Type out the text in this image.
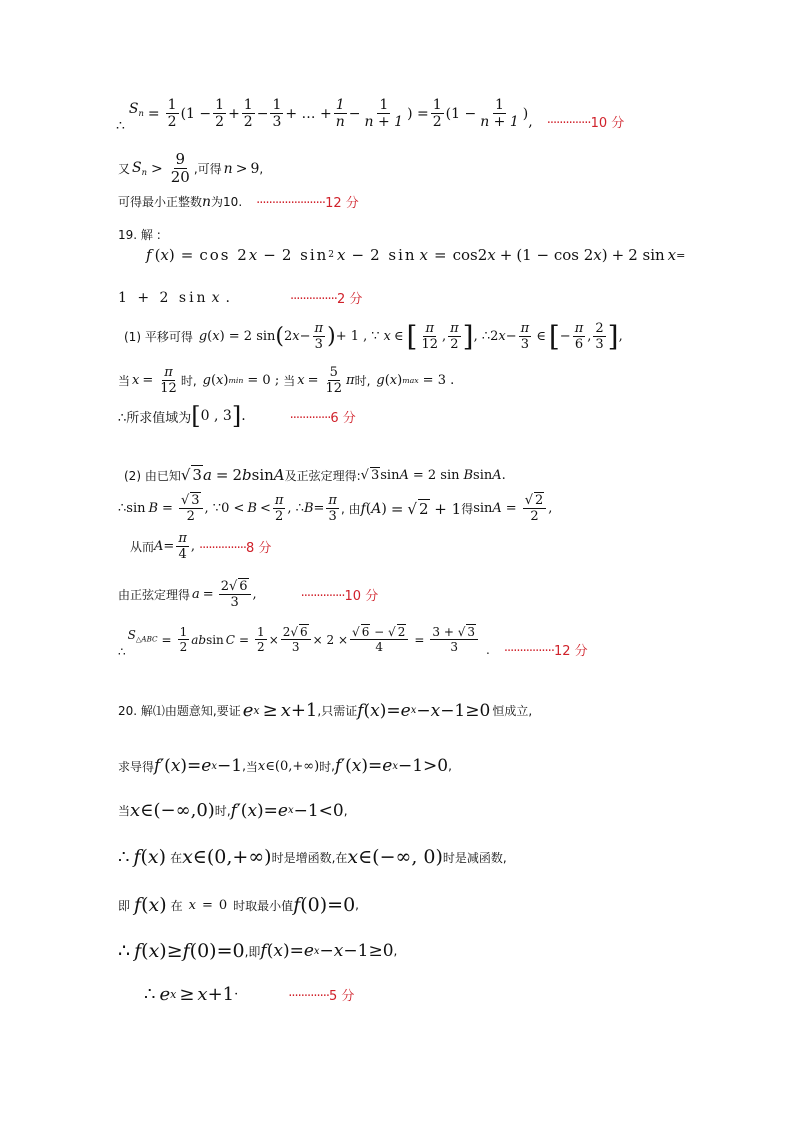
∴
$S_n = \frac{1}{2} (1 - \frac{1}{2} + \frac{1}{2} - \frac{1}{3}$ + … + $\frac{1}{n} - \frac{1}{n + 1}$ ) = $\frac{1}{2} (1 - \frac{1}{n + 1}$ ) , ··············10 分
又 $S_n > \frac{9}{20}$ ,可得 n > 9 ,
可得最小正整数 n 为10 . ······················12 分
19. 解 :
f ( x ) = cos 2 x − 2 sin 2 x − 2 sin x = cos2 x + (1 − cos 2 x ) + 2 sin x =
1 + 2 sin x .	···············2 分
(1) 平移可得 g ( x ) = 2 sin ( 2 $x - \frac{\pi}{3}$ ) + 1 , ∵ x ∈ [ $\frac{\pi}{12}$ , $\frac{\pi}{2}$ ] , ∴2 $x - \frac{\pi}{3}$ ∈ [ − $\frac{\pi}{6}$ , $\frac{2}{3}$ ] ,
当 $x = \frac{\pi}{12}$ 时, g ( x ) min = 0 ; 当 $x = \frac{5}{12}$ π 时, g ( x ) max = 3 .
∴所求值域为 [ 0 , 3 ] .	·············6 分
(2) 由已知 √ 3 a = 2 b sin A 及正弦定理得: √ 3 sin A = 2 sin B sin A .
∴sin $B = \frac{√ 3}{2}$ , ∵0 < $B < \frac{\pi}{2}$ , ∴ $B = \frac{\pi}{3}$ , 由 f ( A ) = √ 2 + 1 得 $\sin A = \frac{√ 2}{2}$ ,
从而 $A = \frac{\pi}{4}$ , ···············8 分
由正弦定理得 $a = \frac{2√ 6}{3}$ ,	··············10 分
∴
$S_{\triangle ABC} = \frac{1}{2}$ ab $\sin C = \frac{1}{2} \times \frac{2√ 6}{3} \times 2 \times \frac{√ 6 - √ 2}{4} = \frac{3 + √ 3}{3}$ . ················12 分
20. 解⑴由题意知,要证 e x ≥ x +1 ,只需证 f ( x )= e x − x −1≥0 恒成立,
求导得 f ′( x )= e x −1 , 当 x ∈(0,+∞) 时 , f ′( x )= e x −1>0 ,
当 x ∈(−∞,0) 时 , f ′( x )= e x −1<0 ,
∴ f ( x ) 在 x ∈(0,+∞) 时是增函数,在 x ∈(−∞, 0) 时是减函数,
即 f ( x ) 在 x = 0 时取最小值 f (0)=0 ,
∴ f ( x )≥ f (0)=0 ,即 f ( x )= e x − x −1≥0 ,
∴ e x ≥ x +1 ·	·············5 分
